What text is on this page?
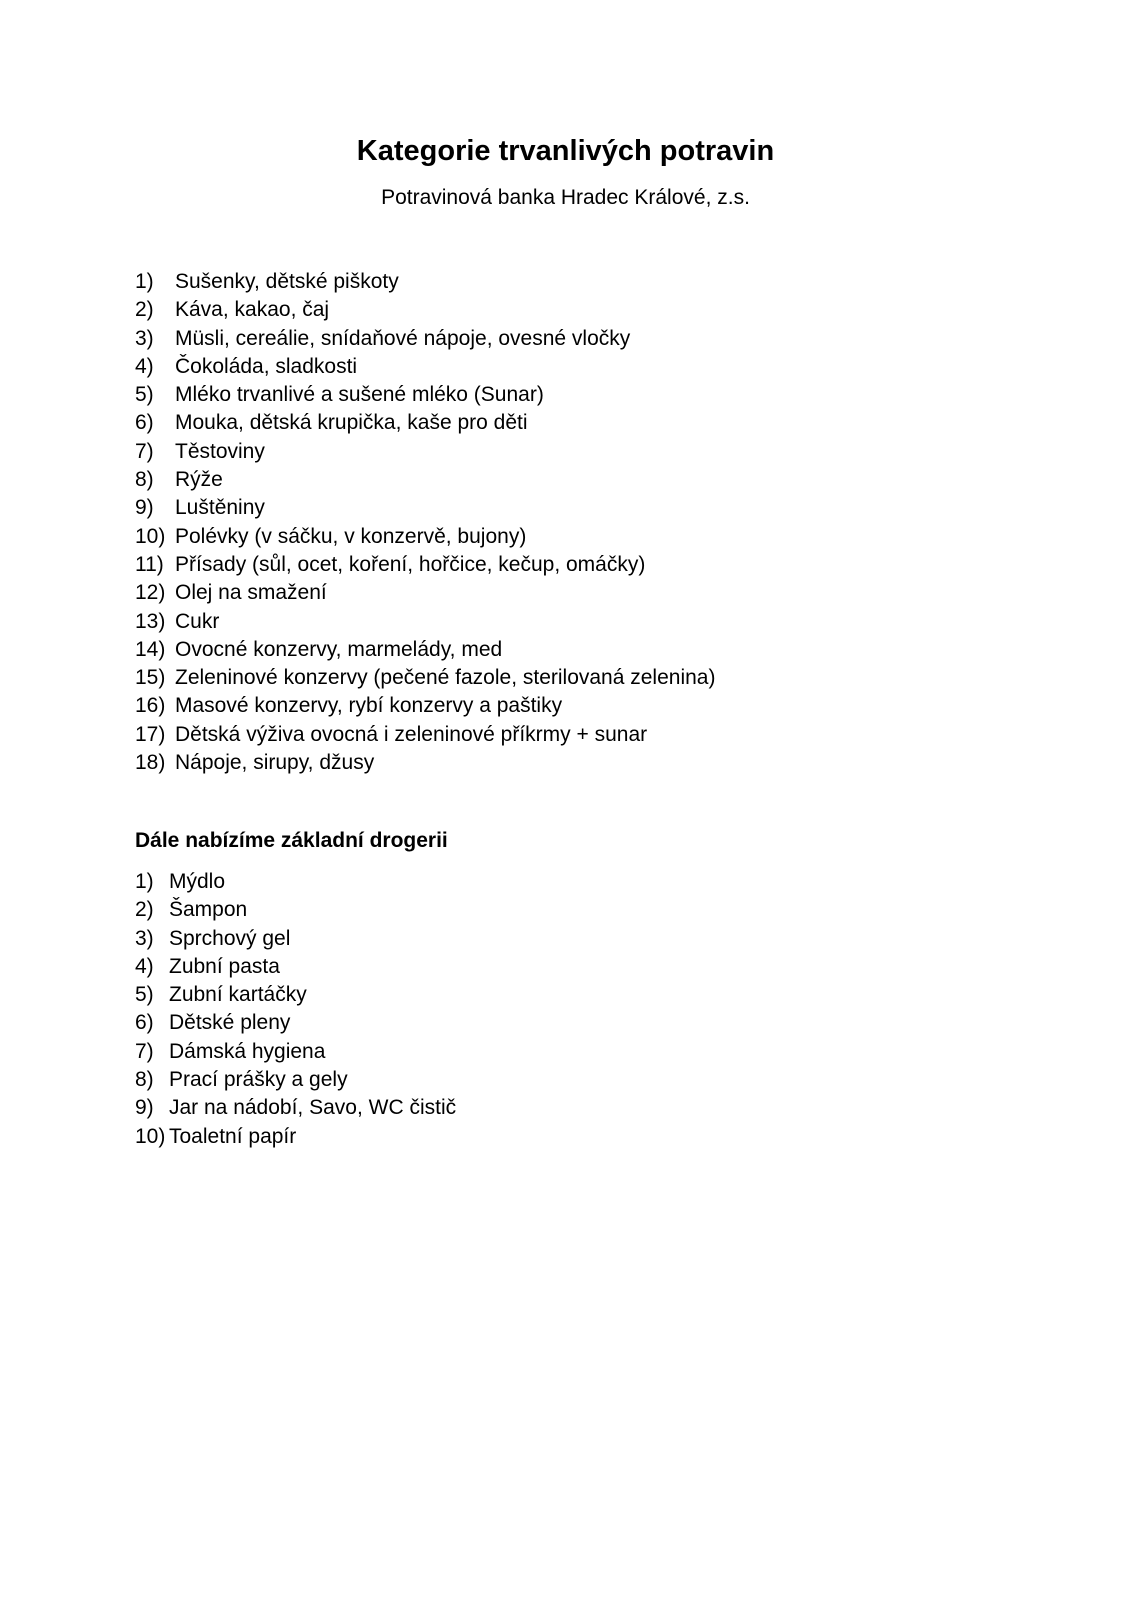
Kategorie trvanlivých potravin
Potravinová banka Hradec Králové, z.s.
1)	Sušenky, dětské piškoty
2)	Káva, kakao, čaj
3)	Müsli, cereálie, snídaňové nápoje, ovesné vločky
4)	Čokoláda, sladkosti
5)	Mléko trvanlivé a sušené mléko (Sunar)
6)	Mouka, dětská krupička, kaše pro děti
7)	Těstoviny
8)	Rýže
9)	Luštěniny
10) Polévky (v sáčku, v konzervě, bujony)
11) Přísady (sůl, ocet, koření, hořčice, kečup, omáčky)
12) Olej na smažení
13) Cukr
14) Ovocné konzervy, marmelády, med
15) Zeleninové konzervy (pečené fazole, sterilovaná zelenina)
16) Masové konzervy, rybí konzervy a paštiky
17) Dětská výživa ovocná i zeleninové příkrmy + sunar
18) Nápoje, sirupy, džusy
Dále nabízíme základní drogerii
1) Mýdlo
2) Šampon
3) Sprchový gel
4) Zubní pasta
5) Zubní kartáčky
6) Dětské pleny
7) Dámská hygiena
8) Prací prášky a gely
9) Jar na nádobí, Savo, WC čistič
10) Toaletní papír
